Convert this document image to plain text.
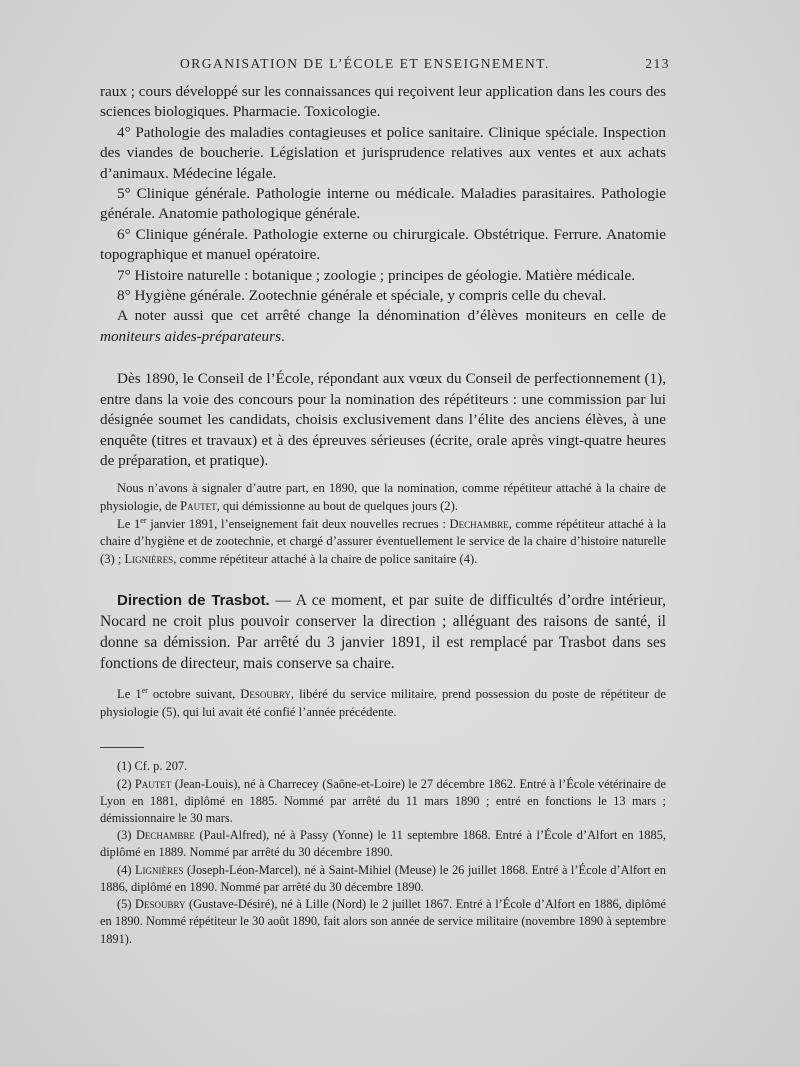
ORGANISATION DE L’ÉCOLE ET ENSEIGNEMENT.	213

raux ; cours développé sur les connaissances qui reçoivent leur application dans les cours des sciences biologiques. Pharmacie. Toxicologie.

4° Pathologie des maladies contagieuses et police sanitaire. Clinique spéciale. Inspection des viandes de boucherie. Législation et jurisprudence relatives aux ventes et aux achats d’animaux. Médecine légale.

5° Clinique générale. Pathologie interne ou médicale. Maladies parasitaires. Pathologie générale. Anatomie pathologique générale.

6° Clinique générale. Pathologie externe ou chirurgicale. Obstétrique. Ferrure. Anatomie topographique et manuel opératoire.

7° Histoire naturelle : botanique ; zoologie ; principes de géologie. Matière médicale.

8° Hygiène générale. Zootechnie générale et spéciale, y compris celle du cheval.

A noter aussi que cet arrêté change la dénomination d’élèves moniteurs en celle de moniteurs aides-préparateurs.

Dès 1890, le Conseil de l’École, répondant aux vœux du Conseil de perfectionnement (1), entre dans la voie des concours pour la nomination des répétiteurs : une commission par lui désignée soumet les candidats, choisis exclusivement dans l’élite des anciens élèves, à une enquête (titres et travaux) et à des épreuves sérieuses (écrite, orale après vingt-quatre heures de préparation, et pratique).

Nous n’avons à signaler d’autre part, en 1890, que la nomination, comme répétiteur attaché à la chaire de physiologie, de Pautet, qui démissionne au bout de quelques jours (2).

Le 1er janvier 1891, l’enseignement fait deux nouvelles recrues : Dechambre, comme répétiteur attaché à la chaire d’hygiène et de zootechnie, et chargé d’assurer éventuellement le service de la chaire d’histoire naturelle (3) ; Lignières, comme répétiteur attaché à la chaire de police sanitaire (4).

Direction de Trasbot. — A ce moment, et par suite de difficultés d’ordre intérieur, Nocard ne croit plus pouvoir conserver la direction ; alléguant des raisons de santé, il donne sa démission. Par arrêté du 3 janvier 1891, il est remplacé par Trasbot dans ses fonctions de directeur, mais conserve sa chaire.

Le 1er octobre suivant, Desoubry, libéré du service militaire, prend possession du poste de répétiteur de physiologie (5), qui lui avait été confié l’année précédente.

(1) Cf. p. 207.

(2) Pautet (Jean-Louis), né à Charrecey (Saône-et-Loire) le 27 décembre 1862. Entré à l’École vétérinaire de Lyon en 1881, diplômé en 1885. Nommé par arrêté du 11 mars 1890 ; entré en fonctions le 13 mars ; démissionnaire le 30 mars.

(3) Dechambre (Paul-Alfred), né à Passy (Yonne) le 11 septembre 1868. Entré à l’École d’Alfort en 1885, diplômé en 1889. Nommé par arrêté du 30 décembre 1890.

(4) Lignières (Joseph-Léon-Marcel), né à Saint-Mihiel (Meuse) le 26 juillet 1868. Entré à l’École d’Alfort en 1886, diplômé en 1890. Nommé par arrêté du 30 décembre 1890.

(5) Desoubry (Gustave-Désiré), né à Lille (Nord) le 2 juillet 1867. Entré à l’École d’Alfort en 1886, diplômé en 1890. Nommé répétiteur le 30 août 1890, fait alors son année de service militaire (novembre 1890 à septembre 1891).
